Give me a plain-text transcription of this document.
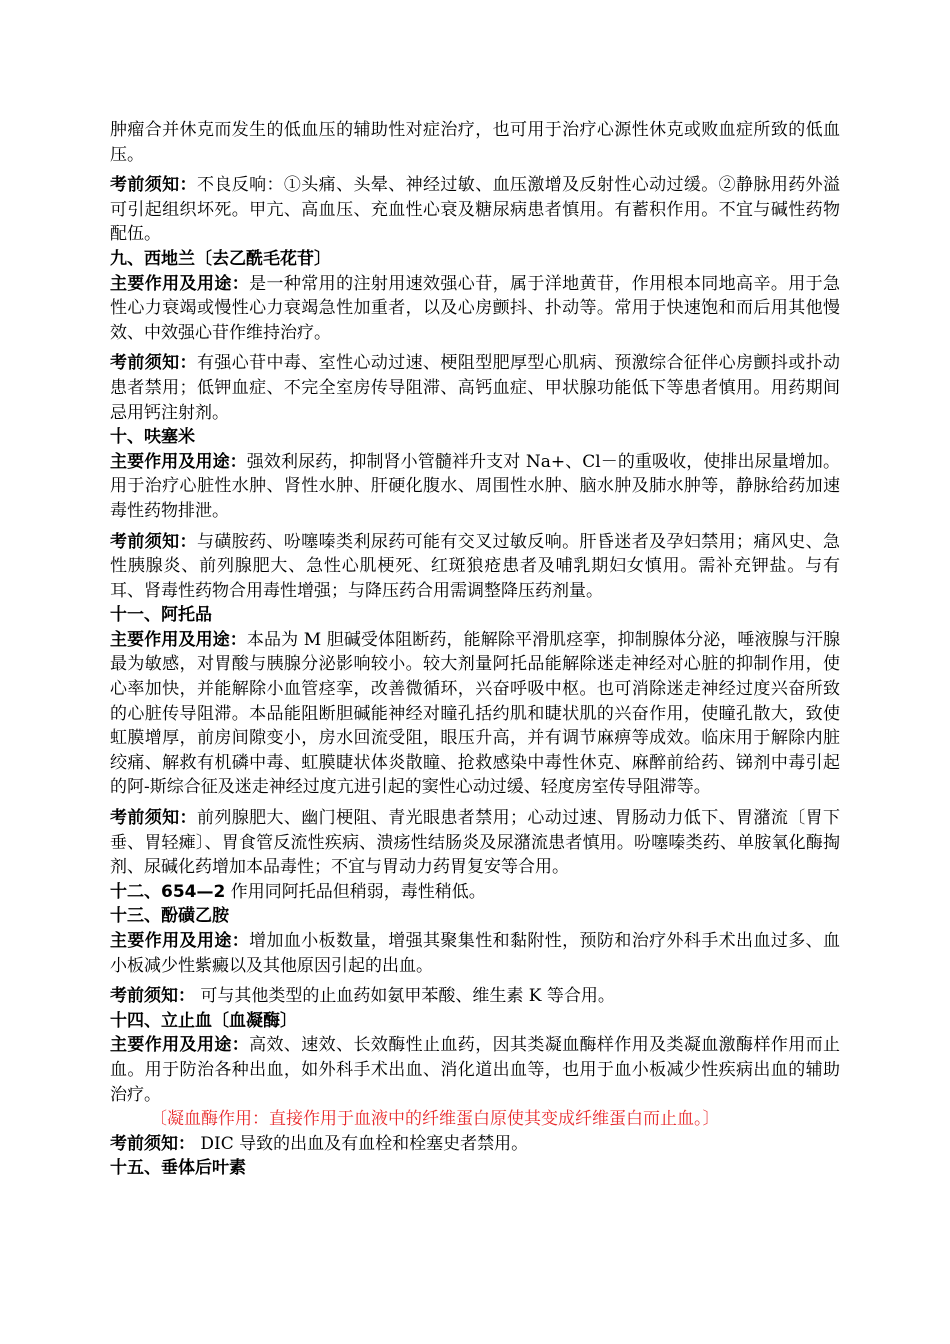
肿瘤合并休克而发生的低血压的辅助性对症治疗，也可用于治疗心源性休克或败血症所致的低血压。

考前须知：不良反响：①头痛、头晕、神经过敏、血压激增及反射性心动过缓。②静脉用药外溢可引起组织坏死。甲亢、高血压、充血性心衰及糖尿病患者慎用。有蓄积作用。不宜与碱性药物配伍。

九、西地兰〔去乙酰毛花苷〕

主要作用及用途：是一种常用的注射用速效强心苷，属于洋地黄苷，作用根本同地高辛。用于急性心力衰竭或慢性心力衰竭急性加重者，以及心房颤抖、扑动等。常用于快速饱和而后用其他慢效、中效强心苷作维持治疗。

考前须知：有强心苷中毒、室性心动过速、梗阻型肥厚型心肌病、预激综合征伴心房颤抖或扑动患者禁用；低钾血症、不完全室房传导阻滞、高钙血症、甲状腺功能低下等患者慎用。用药期间忌用钙注射剂。

十、呋塞米

主要作用及用途：强效利尿药，抑制肾小管髓袢升支对 Na+、Cl－的重吸收，使排出尿量增加。用于治疗心脏性水肿、肾性水肿、肝硬化腹水、周围性水肿、脑水肿及肺水肿等，静脉给药加速毒性药物排泄。

考前须知：与磺胺药、吩噻嗪类利尿药可能有交叉过敏反响。肝昏迷者及孕妇禁用；痛风史、急性胰腺炎、前列腺肥大、急性心肌梗死、红斑狼疮患者及哺乳期妇女慎用。需补充钾盐。与有耳、肾毒性药物合用毒性增强；与降压药合用需调整降压药剂量。

十一、阿托品

主要作用及用途：本品为 M 胆碱受体阻断药，能解除平滑肌痉挛，抑制腺体分泌，唾液腺与汗腺最为敏感，对胃酸与胰腺分泌影响较小。较大剂量阿托品能解除迷走神经对心脏的抑制作用，使心率加快，并能解除小血管痉挛，改善微循环，兴奋呼吸中枢。也可消除迷走神经过度兴奋所致的心脏传导阻滞。本品能阻断胆碱能神经对瞳孔括约肌和睫状肌的兴奋作用，使瞳孔散大，致使虹膜增厚，前房间隙变小，房水回流受阻，眼压升高，并有调节麻痹等成效。临床用于解除内脏绞痛、解救有机磷中毒、虹膜睫状体炎散瞳、抢救感染中毒性休克、麻醉前给药、锑剂中毒引起的阿-斯综合征及迷走神经过度亢进引起的窦性心动过缓、轻度房室传导阻滞等。

考前须知：前列腺肥大、幽门梗阻、青光眼患者禁用；心动过速、胃肠动力低下、胃潴流〔胃下垂、胃轻瘫〕、胃食管反流性疾病、溃疡性结肠炎及尿潴流患者慎用。吩噻嗪类药、单胺氧化酶掏剂、尿碱化药增加本品毒性；不宜与胃动力药胃复安等合用。

十二、654—2 作用同阿托品但稍弱，毒性稍低。

十三、酚磺乙胺

主要作用及用途：增加血小板数量，增强其聚集性和黏附性，预防和治疗外科手术出血过多、血小板减少性紫癜以及其他原因引起的出血。

考前须知： 可与其他类型的止血药如氨甲苯酸、维生素 K 等合用。

十四、立止血〔血凝酶〕

主要作用及用途：高效、速效、长效酶性止血药，因其类凝血酶样作用及类凝血激酶样作用而止血。用于防治各种出血，如外科手术出血、消化道出血等，也用于血小板减少性疾病出血的辅助治疗。

〔凝血酶作用：直接作用于血液中的纤维蛋白原使其变成纤维蛋白而止血。〕

考前须知： DIC 导致的出血及有血栓和栓塞史者禁用。

十五、垂体后叶素
